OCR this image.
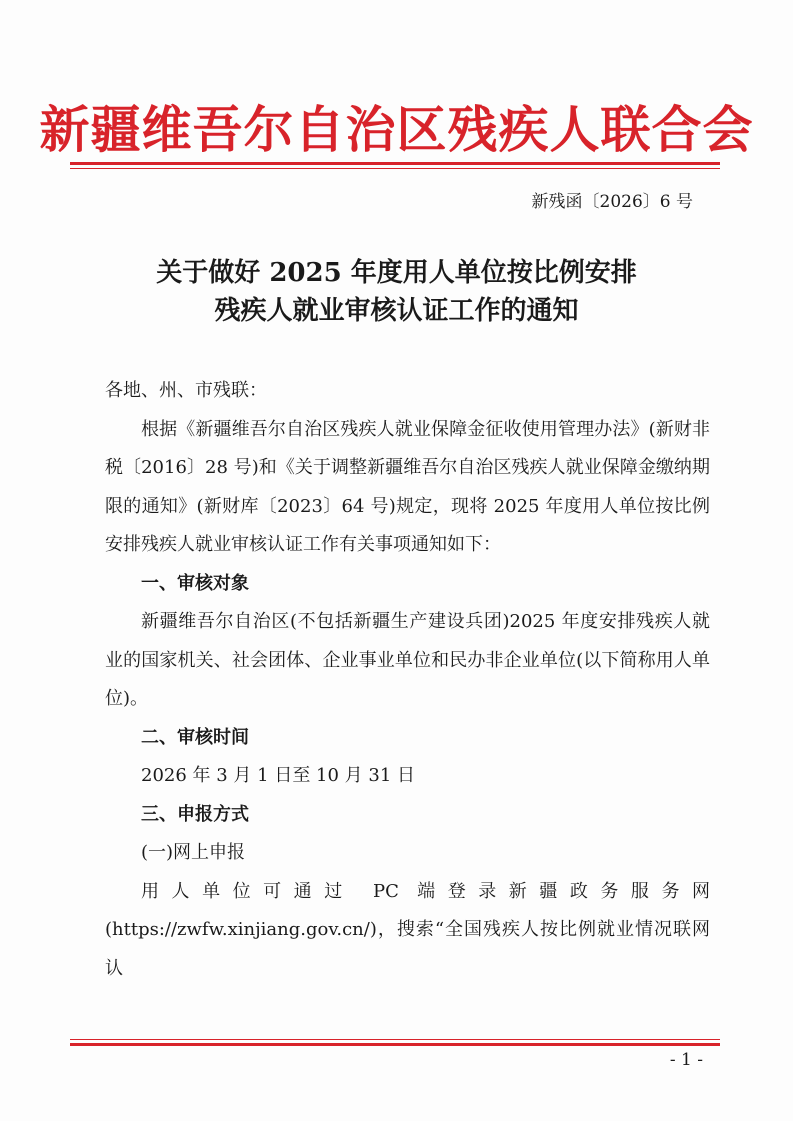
新疆维吾尔自治区残疾人联合会
新残函〔2026〕6 号
关于做好 2025 年度用人单位按比例安排
残疾人就业审核认证工作的通知

各地、州、市残联：

根据《新疆维吾尔自治区残疾人就业保障金征收使用管理办法》(新财非税〔2016〕28 号)和《关于调整新疆维吾尔自治区残疾人就业保障金缴纳期限的通知》(新财库〔2023〕64 号)规定，现将 2025 年度用人单位按比例安排残疾人就业审核认证工作有关事项通知如下：

一、审核对象

新疆维吾尔自治区(不包括新疆生产建设兵团)2025 年度安排残疾人就业的国家机关、社会团体、企业事业单位和民办非企业单位(以下简称用人单位)。

二、审核时间

2026 年 3 月 1 日至 10 月 31 日

三、申报方式

(一)网上申报

用人单位可通过 PC 端登录新疆政务服务网(https://zwfw.xinjiang.gov.cn/)，搜索“全国残疾人按比例就业情况联网认

- 1 -
